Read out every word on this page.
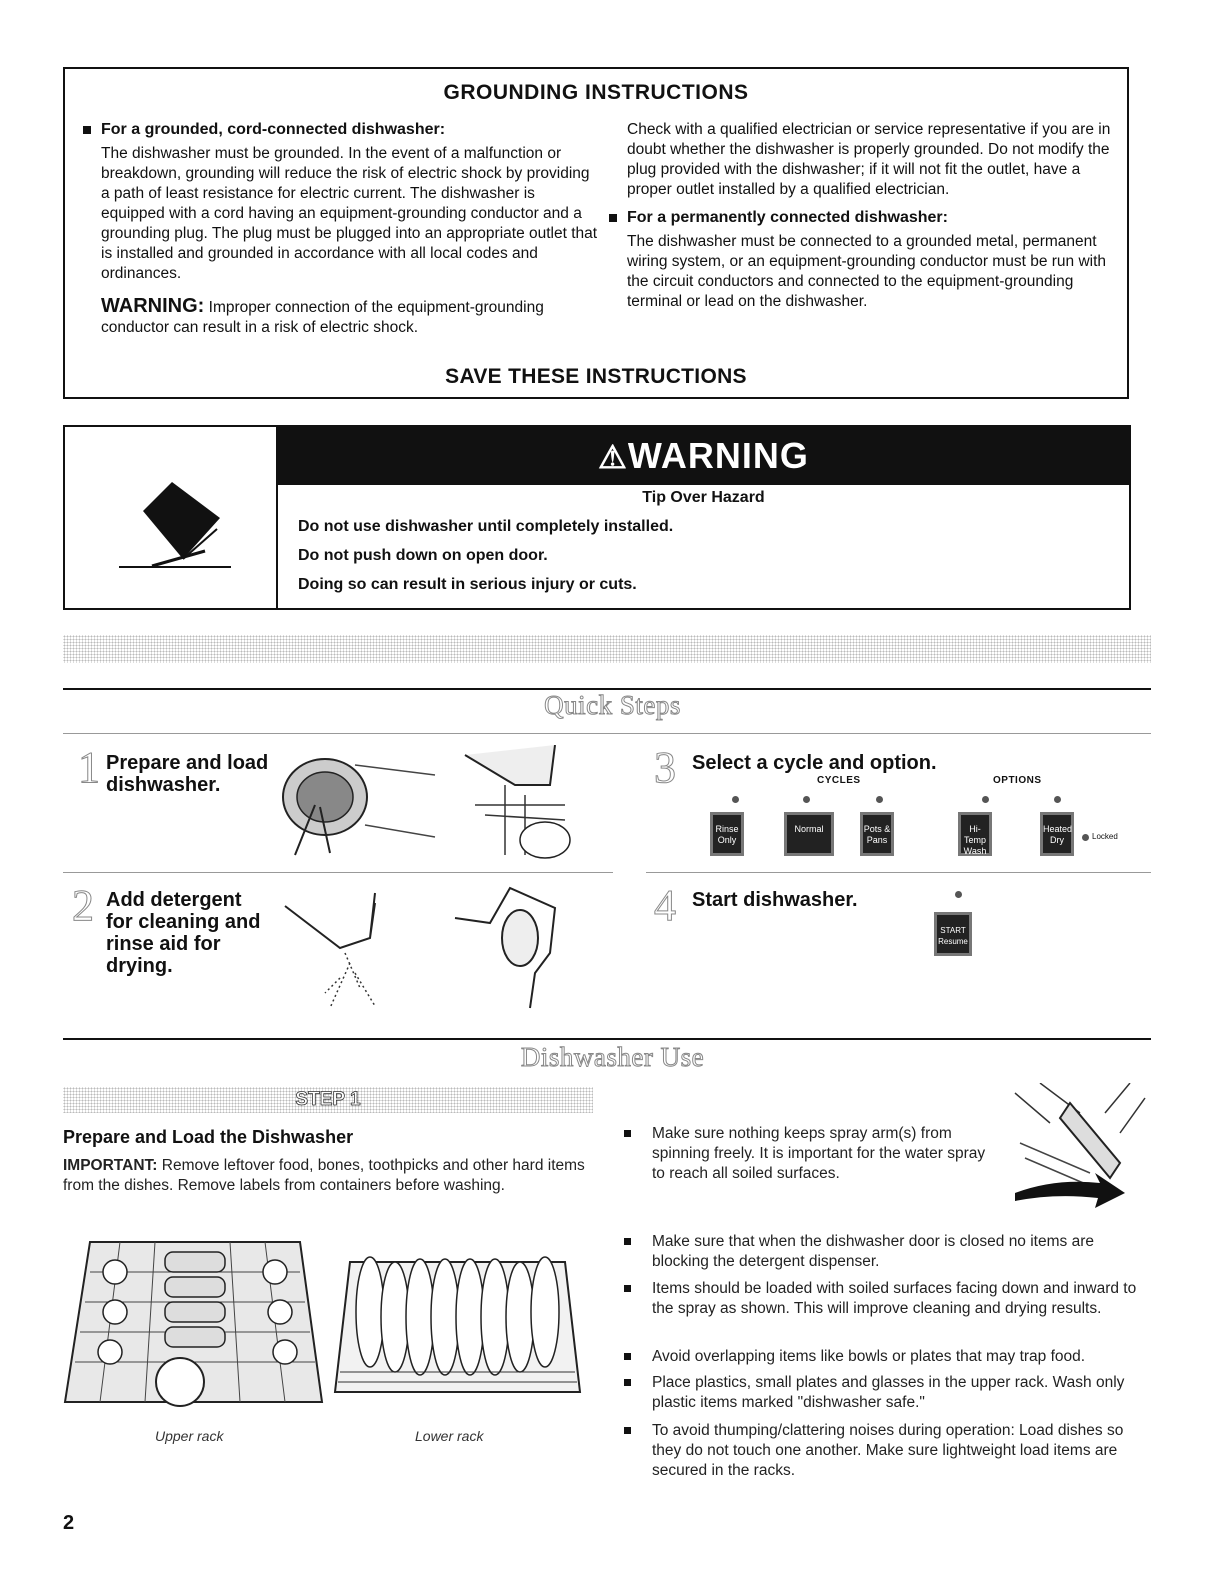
GROUNDING INSTRUCTIONS
For a grounded, cord-connected dishwasher:

The dishwasher must be grounded. In the event of a malfunction or breakdown, grounding will reduce the risk of electric shock by providing a path of least resistance for electric current. The dishwasher is equipped with a cord having an equipment-grounding conductor and a grounding plug. The plug must be plugged into an appropriate outlet that is installed and grounded in accordance with all local codes and ordinances.

WARNING: Improper connection of the equipment-grounding conductor can result in a risk of electric shock.

Check with a qualified electrician or service representative if you are in doubt whether the dishwasher is properly grounded. Do not modify the plug provided with the dishwasher; if it will not fit the outlet, have a proper outlet installed by a qualified electrician.

For a permanently connected dishwasher:

The dishwasher must be connected to a grounded metal, permanent wiring system, or an equipment-grounding conductor must be run with the circuit conductors and connected to the equipment-grounding terminal or lead on the dishwasher.

SAVE THESE INSTRUCTIONS
⚠WARNING
Tip Over Hazard
Do not use dishwasher until completely installed.
Do not push down on open door.
Doing so can result in serious injury or cuts.
Quick Steps
1 Prepare and load dishwasher.	3 Select a cycle and option.
CYCLES	OPTIONS
Rinse Only
Normal	Pots & Pans
Hi-Temp Wash
Heated Dry	Locked
2 Add detergent for cleaning and rinse aid for drying.
4 Start dishwasher.
START Resume
Dishwasher Use
STEP 1
Prepare and Load the Dishwasher
IMPORTANT: Remove leftover food, bones, toothpicks and other hard items from the dishes. Remove labels from containers before washing.
Upper rack	Lower rack
Make sure nothing keeps spray arm(s) from spinning freely. It is important for the water spray to reach all soiled surfaces.
Make sure that when the dishwasher door is closed no items are blocking the detergent dispenser.
Items should be loaded with soiled surfaces facing down and inward to the spray as shown. This will improve cleaning and drying results.
Avoid overlapping items like bowls or plates that may trap food.
Place plastics, small plates and glasses in the upper rack. Wash only plastic items marked "dishwasher safe."
To avoid thumping/clattering noises during operation: Load dishes so they do not touch one another. Make sure lightweight load items are secured in the racks.
2
